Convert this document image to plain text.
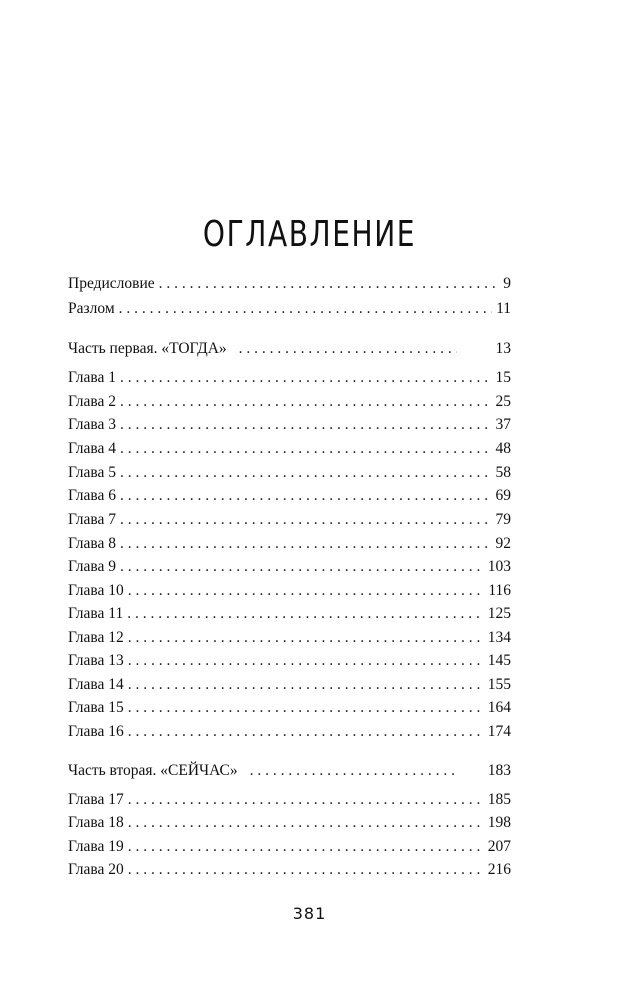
ОГЛАВЛЕНИЕ
Предисловие . . .	9
Разлом . . .	11
Часть первая. «ТОГДА» . . .	13
Глава 1 . . .	15
Глава 2 . . .	25
Глава 3 . . .	37
Глава 4 . . .	48
Глава 5 . . .	58
Глава 6 . . .	69
Глава 7 . . .	79
Глава 8 . . .	92
Глава 9 . . .	103
Глава 10 . . .	116
Глава 11 . . .	125
Глава 12 . . .	134
Глава 13 . . .	145
Глава 14 . . .	155
Глава 15 . . .	164
Глава 16 . . .	174
Часть вторая. «СЕЙЧАС» . . .	183
Глава 17 . . .	185
Глава 18 . . .	198
Глава 19 . . .	207
Глава 20 . . .	216
381
